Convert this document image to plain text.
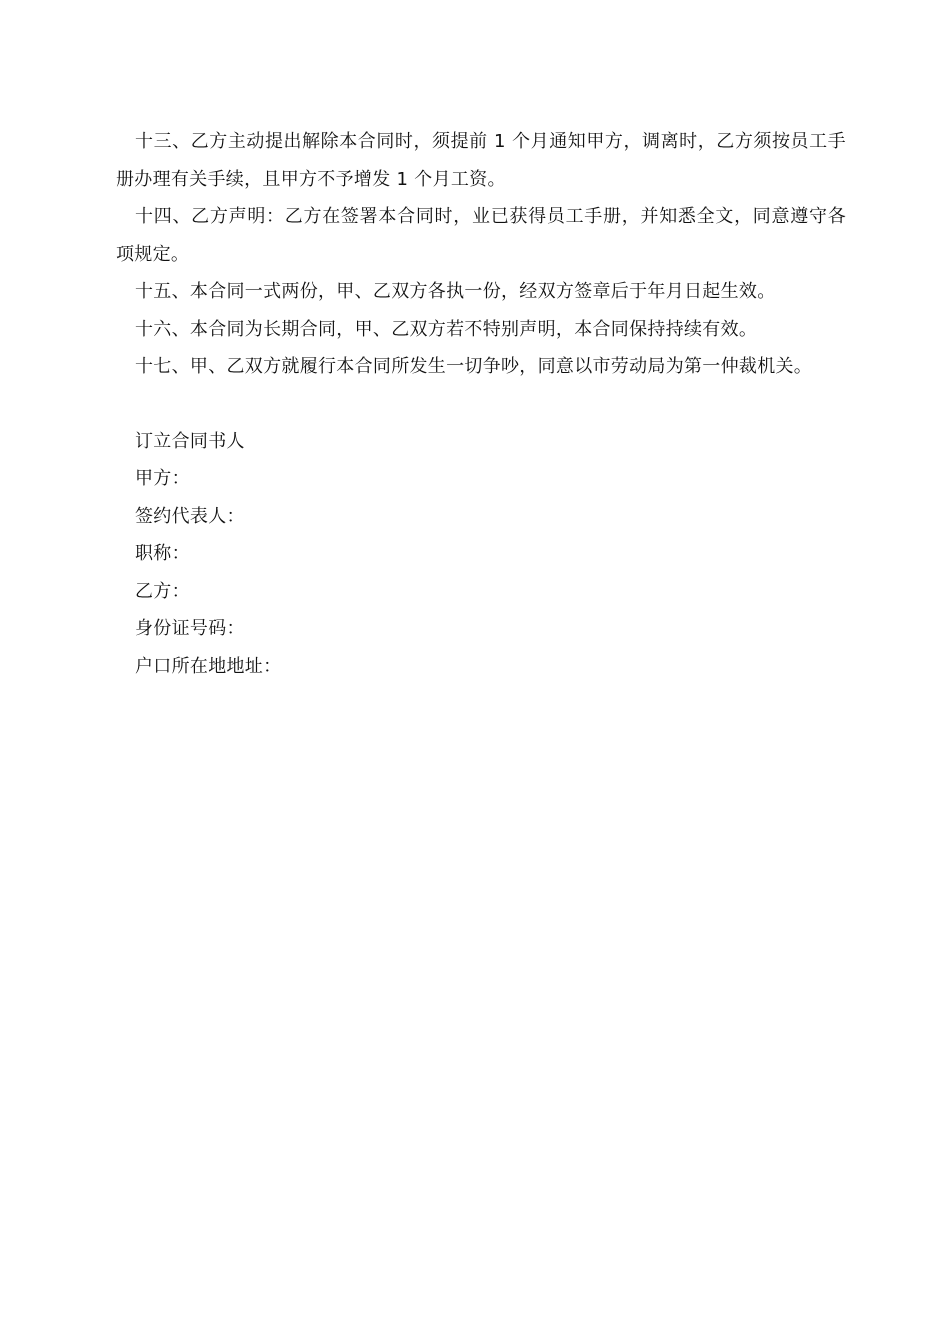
十三、乙方主动提出解除本合同时，须提前 1 个月通知甲方，调离时，乙方须按员工手册办理有关手续，且甲方不予增发 1 个月工资。

十四、乙方声明：乙方在签署本合同时，业已获得员工手册，并知悉全文，同意遵守各项规定。

十五、本合同一式两份，甲、乙双方各执一份，经双方签章后于年月日起生效。

十六、本合同为长期合同，甲、乙双方若不特别声明，本合同保持持续有效。

十七、甲、乙双方就履行本合同所发生一切争吵，同意以市劳动局为第一仲裁机关。

订立合同书人

甲方：

签约代表人：

职称：

乙方：

身份证号码：

户口所在地地址：
